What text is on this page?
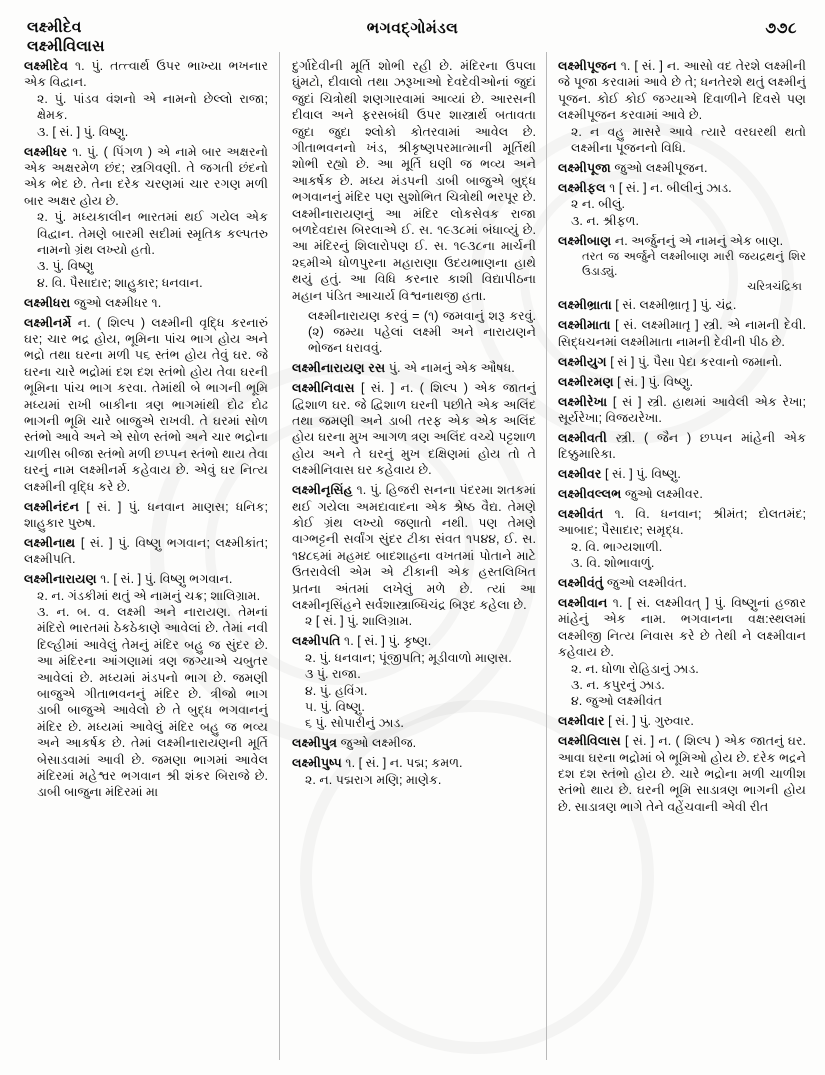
લક્ષ્મીદેવ
લક્ષ્મીવિલાસ
ભગવદ્ગોમંડલ	૭૭૮

લક્ષ્મીદેવ ૧. પું. તત્ત્વાર્થ ઉપર ભાખ્યા ભખનાર એક વિદ્વાન.

૨. પું. પાંડવ વંશનો એ નામનો છેલ્લો રાજા; ક્ષેમક.

૩. [ સં. ] પું. વિષ્ણુ.

લક્ષ્મીધર ૧. પું. ( પિંગળ ) એ નામે બાર અક્ષરનો એક અક્ષરમેળ છંદ; સ્ત્રગિવણી. તે જગતી છંદનો એક ભેદ છે. તેના દરેક ચરણમાં ચાર રગણ મળી બાર અક્ષર હોય છે.

૨. પું. મધ્યકાલીન ભારતમાં થઈ ગયેલ એક વિદ્વાન. તેમણે બારમી સદીમાં સ્મૃતિક કલ્પતરુ નામનો ગ્રંથ લખ્યો હતો.

૩. પું. વિષ્ણુ

૪. વિ. પૈસાદાર; શાહુકાર; ધનવાન.

લક્ષ્મીધરા જુઓ લક્ષ્મીધર ૧.

લક્ષ્મીનર્મે ન. ( શિલ્પ ) લક્ષ્મીની વૃદ્ધિ કરનારું ઘર; ચાર ભદ્ર હોય, ભૂમિના પાંચ ભાગ હોય અને ભદ્રો તથા ઘરના મળી ૫૬ સ્તંભ હોય તેવું ઘર. જે ઘરના ચારે ભદ્રોમાં દશ દશ સ્તંભો હોય તેવા ઘરની ભૂમિના પાંચ ભાગ કરવા. તેમાંથી બે ભાગની ભૂમિ મધ્યમાં રાખી બાકીના ત્રણ ભાગમાંથી દોઢ દોઢ ભાગની ભૂમિ ચારે બાજુએ રાખવી. તે ઘરમાં સોળ સ્તંભો આવે અને એ સોળ સ્તંભો અને ચાર ભદ્રોના ચાળીસ બીજા સ્તંભો મળી છપ્પન સ્તંભો થાય તેવા ઘરનું નામ લક્ષ્મીનર્મ કહેવાય છે. એવું ઘર નિત્ય લક્ષ્મીની વૃદ્ધિ કરે છે.

લક્ષ્મીનંદન [ સં. ] પું. ધનવાન માણસ; ધનિક; શાહુકાર પુરુષ.

લક્ષ્મીનાથ [ સં. ] પું. વિષ્ણુ ભગવાન; લક્ષ્મીકાંત; લક્ષ્મીપતિ.

લક્ષ્મીનારાયણ ૧. [ સં. ] પું. વિષ્ણુ ભગવાન.

૨. ન. ગંડકીમાં થતું એ નામનું ચક્ર; શાલિગ્રામ.

૩. ન. બ. વ. લક્ષ્મી અને નારાયણ. તેમનાં મંદિરો ભારતમાં ઠેકઠેકાણે આવેલાં છે. તેમાં નવી દિલ્હીમાં આવેલું તેમનું મંદિર બહુ જ સુંદર છે. આ મંદિરના આંગણામાં ત્રણ જગ્યાએ ચબુતર આવેલાં છે. મધ્યમાં મંડપનો ભાગ છે. જમણી બાજુએ ગીતાભવનનું મંદિર છે. ત્રીજો ભાગ ડાબી બાજુએ આવેલો છે તે બુદ્ધ ભગવાનનું મંદિર છે. મધ્યમાં આવેલું મંદિર બહુ જ ભવ્ય અને આકર્ષક છે. તેમાં લક્ષ્મીનારાયણની મૂર્તિ બેસાડવામાં આવી છે. જમણા ભાગમાં આવેલ મંદિરમાં મહેશ્વર ભગવાન શ્રી શંકર બિરાજે છે. ડાબી બાજુના મંદિરમાં મા

દુર્ગાદેવીની મૂર્તિ શોભી રહી છે. મંદિરના ઉપલા ઘુંમટો, દીવાલો તથા ઝરૂખાઓ દેવદેવીઓનાં જુદાં જુદાં ચિત્રોથી શણગારવામાં આવ્યાં છે. આરસની દીવાલ અને ફરસબંધી ઉપર શાસ્ત્રાર્થ બતાવતા જુદા જુદા શ્લોકો કોતરવામાં આવેલ છે. ગીતાભવનનો ખંડ, શ્રીકૃષ્ણપરમાત્માની મૂર્તિથી શોભી રહ્યો છે. આ મૂર્તિ ઘણી જ ભવ્ય અને આકર્ષક છે. મધ્ય મંડપની ડાબી બાજુએ બુદ્ધ ભગવાનનું મંદિર પણ સુશોભિત ચિત્રોથી ભરપૂર છે. લક્ષ્મીનારાયણનું આ મંદિર લોકસેવક રાજા બળદેવદાસ બિરલાએ ઈ. સ. ૧૯૩૮માં બંધાવ્યું છે. આ મંદિરનું શિલારોપણ ઈ. સ. ૧૯૩૮ના માર્ચની ૨૬મીએ ધોળપુરના મહારાણા ઉદયભાણના હાથે થયું હતું. આ વિધિ કરનાર કાશી વિદ્યાપીઠના મહાન પંડિત આચાર્ય વિશ્વનાથજી હતા.

લક્ષ્મીનારાયણ કરવું = (૧) જમવાનું શરૂ કરવું. (૨) જમ્યા પહેલાં લક્ષ્મી અને નારાયણને ભોજન ધરાવવું.

લક્ષ્મીનારાયણ રસ પું. એ નામનું એક ઔષધ.

લક્ષ્મીનિવાસ [ સં. ] ન. ( શિલ્પ ) એક જાતનું દ્વિશાળ ઘર. જે દ્વિશાળ ઘરની પછીતે એક અલિંદ તથા જમણી અને ડાબી તરફ એક એક અલિંદ હોય ઘરના મુખ આગળ ત્રણ અલિંદ વચ્ચે પટ્ટશાળ હોય અને તે ઘરનું મુખ દક્ષિણમાં હોય તો તે લક્ષ્મીનિવાસ ઘર કહેવાય છે.

લક્ષ્મીનૃસિંહ ૧. પું. હિજરી સનના પંદરમા શતકમાં થઈ ગયેલા અમદાવાદના એક શ્રેષ્ઠ વૈદ્ય. તેમણે કોઈ ગ્રંથ લખ્યો જણાતો નથી. પણ તેમણે વાગ્ભટ્ટની સર્વાંગ સુંદર ટીકા સંવત ૧૫૪૪, ઈ. સ. ૧૪૮૬માં મહમદ બાદશાહના વખતમાં પોતાને માટે ઉતરાવેલી એમ એ ટીકાની એક હસ્તલિખિત પ્રતના અંતમાં લખેલું મળે છે. ત્યાં આ લક્ષ્મીનૃસિંહને સર્વશાસ્ત્રાબ્ધિચંદ્ર બિરૂદ કહેલા છે.

૨ [ સં. ] પું. શાલિગ્રામ.

લક્ષ્મીપતિ ૧. [ સં. ] પું. કૃષ્ણ.

૨. પું. ધનવાન; પૂંજીપતિ; મૂડીવાળો માણસ.

૩ પું. રાજા.

૪. પું. હવિંગ.

૫. પું. વિષ્ણુ.

૬ પું. સોપારીનું ઝાડ.

લક્ષ્મીપુત્ર જુઓ લક્ષ્મીજ.

લક્ષ્મીપુષ્પ ૧. [ સં. ] ન. પદ્મ; કમળ.

૨. ન. પદ્મરાગ મણિ; માણેક.

લક્ષ્મીપૂજન ૧. [ સં. ] ન. આસો વદ તેરશે લક્ષ્મીની જે પૂજા કરવામાં આવે છે તે; ધનતેરશે થતું લક્ષ્મીનું પૂજન. કોઈ કોઈ જગ્યાએ દિવાળીને દિવસે પણ લક્ષ્મીપૂજન કરવામાં આવે છે.

૨. ન વહુ માસરે આવે ત્યારે વરઘરથી થતો લક્ષ્મીના પૂજનનો વિધિ.

લક્ષ્મીપૂજા જુઓ લક્ષ્મીપૂજન.

લક્ષ્મીફલ ૧ [ સં. ] ન. બીલીનું ઝાડ.

૨ ન. બીલું.

૩. ન. શ્રીફળ.

લક્ષ્મીબાણ ન. અર્જુનનું એ નામનું એક બાણ.

તરત જ અર્જુને લક્ષ્મીબાણ મારી જયદ્રથનું શિર ઉડાડ્યું.

ચરિત્રચંદ્રિકા

લક્ષ્મીભ્રાતા [ સં. લક્ષ્મીભ્રાતૃ ] પું. ચંદ્ર.

લક્ષ્મીમાતા [ સં. લક્ષ્મીમાતૃ ] સ્ત્રી. એ નામની દેવી. સિદ્ધચનમાં લક્ષ્મીમાતા નામની દેવીની પીઠ છે.

લક્ષ્મીયુગ [ સં ] પું. પૈસા પેદા કરવાનો જમાનો.

લક્ષ્મીરમણ [ સં. ] પું. વિષ્ણુ.

લક્ષ્મીરેખા [ સં ] સ્ત્રી. હાથમાં આવેલી એક રેખા; સૂર્યરેખા; વિજયરેખા.

લક્ષ્મીવતી સ્ત્રી. ( જૈન ) છપ્પન માંહેની એક દિક્કુમારિકા.

લક્ષ્મીવર [ સં. ] પું. વિષ્ણુ.

લક્ષ્મીવલ્લભ જુઓ લક્ષ્મીવર.

લક્ષ્મીવંત ૧. વિ. ધનવાન; શ્રીમંત; દોલતમંદ; આબાદ; પૈસાદાર; સમૃદ્ધ.

૨. વિ. ભાગ્યશાળી.

૩. વિ. શોભાવાળું.

લક્ષ્મીવંતું જુઓ લક્ષ્મીવંત.

લક્ષ્મીવાન ૧. [ સં. લક્ષ્મીવત્ ] પું. વિષ્ણુનાં હજાર માંહેનું એક નામ. ભગવાનના વક્ષ:સ્થલમાં લક્ષ્મીજી નિત્ય નિવાસ કરે છે તેથી ને લક્ષ્મીવાન કહેવાય છે.

૨. ન. ધોળા રોહિડાનું ઝાડ.

૩. ન. કપુરનું ઝાડ.

૪. જુઓ લક્ષ્મીવંત

લક્ષ્મીવાર [ સં. ] પું. ગુરુવાર.

લક્ષ્મીવિલાસ [ સં. ] ન. ( શિલ્પ ) એક જાતનું ઘર. આવા ઘરના ભદ્રોમાં બે ભૂમિઓ હોય છે. દરેક ભદ્રને દશ દશ સ્તંભો હોય છે. ચારે ભદ્રોના મળી ચાળીશ સ્તંભો થાય છે. ઘરની ભૂમિ સાડાત્રણ ભાગની હોય છે. સાડાત્રણ ભાગે તેને વહેંચવાની એવી રીત
